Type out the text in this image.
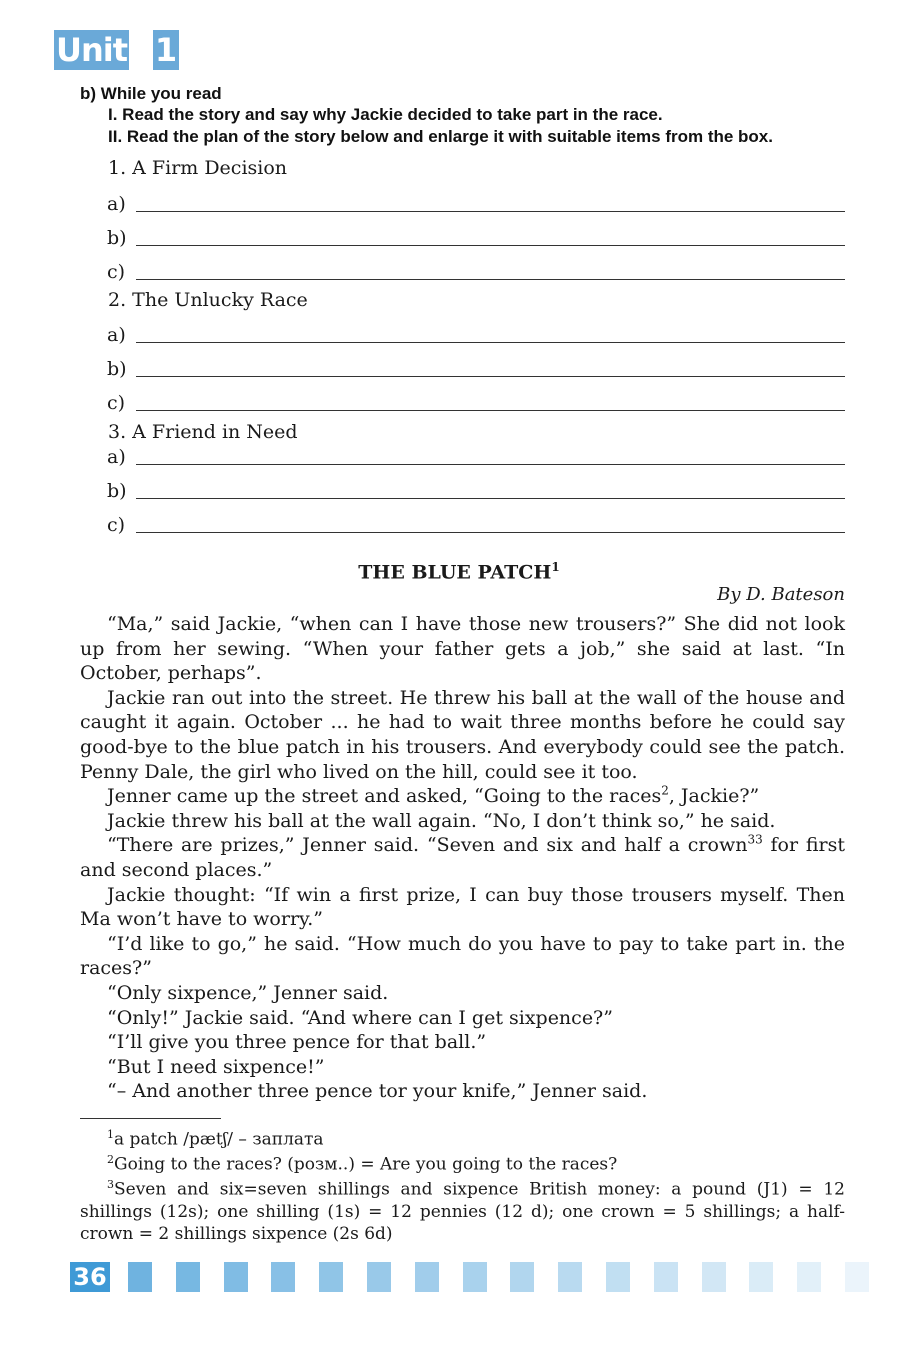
Unit 1
b) While you read
I. Read the story and say why Jackie decided to take part in the race.
II. Read the plan of the story below and enlarge it with suitable items from the box.
1. A Firm Decision
a)
b)
c)
2. The Unlucky Race
a)
b)
c)
3. A Friend in Need
a)
b)
c)
THE BLUE PATCH$^1$
By D. Bateson

“Ma,” said Jackie, “when can I have those new trousers?” She did not look up from her sewing. “When your father gets a job,” she said at last. “In October, perhaps”.

Jackie ran out into the street. He threw his ball at the wall of the house and caught it again. October ... he had to wait three months before he could say good-bye to the blue patch in his trousers. And everybody could see the patch. Penny Dale, the girl who lived on the hill, could see it too.

Jenner came up the street and asked, “Going to the races$^2$, Jackie?”

Jackie threw his ball at the wall again. “No, I don’t think so,” he said.

“There are prizes,” Jenner said. “Seven and six and half a crown$^{33}$ for first and second places.”

Jackie thought: “If win a first prize, I can buy those trousers myself. Then Ma won’t have to worry.”

“I’d like to go,” he said. “How much do you have to pay to take part in. the races?”

“Only sixpence,” Jenner said.

“Only!” Jackie said. “And where can I get sixpence?”

“I’ll give you three pence for that ball.”

“But I need sixpence!”

“– And another three pence tor your knife,” Jenner said.

$^1$a patch /pætʃ/ – заплата
$^2$Going to the races? (розм..) = Are you going to the races?
$^3$Seven and six=seven shillings and sixpence British money: a pound (J1) = 12 shillings (12s); one shilling (1s) = 12 pennies (12 d); one crown = 5 shillings; a half-crown = 2 shillings sixpence (2s 6d)
36
